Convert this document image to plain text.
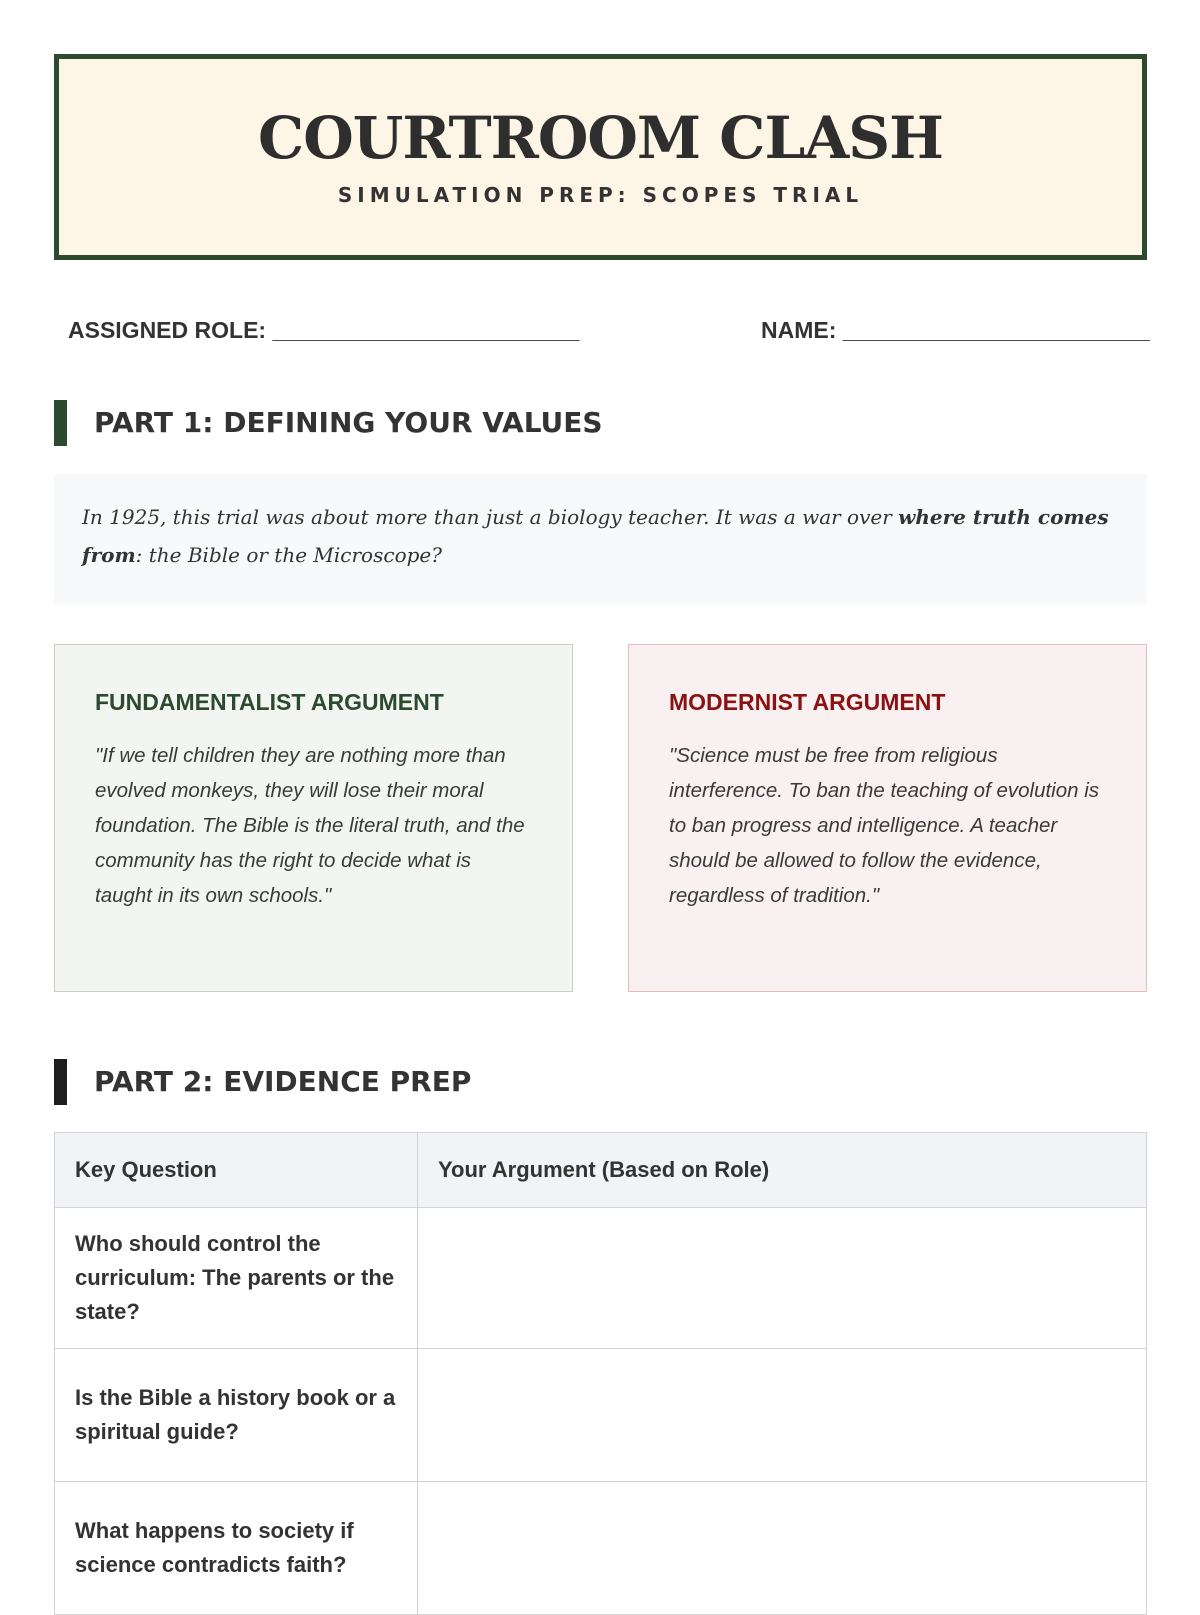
COURTROOM CLASH
SIMULATION PREP: SCOPES TRIAL
ASSIGNED ROLE: ________________________	NAME: ________________________
PART 1: DEFINING YOUR VALUES
In 1925, this trial was about more than just a biology teacher. It was a war over where truth comes from: the Bible or the Microscope?
FUNDAMENTALIST ARGUMENT
"If we tell children they are nothing more than evolved monkeys, they will lose their moral foundation. The Bible is the literal truth, and the community has the right to decide what is taught in its own schools."
MODERNIST ARGUMENT
"Science must be free from religious interference. To ban the teaching of evolution is to ban progress and intelligence. A teacher should be allowed to follow the evidence, regardless of tradition."
PART 2: EVIDENCE PREP
Key Question	Your Argument (Based on Role)
Who should control the curriculum: The parents or the state?	
Is the Bible a history book or a spiritual guide?	
What happens to society if science contradicts faith?	
